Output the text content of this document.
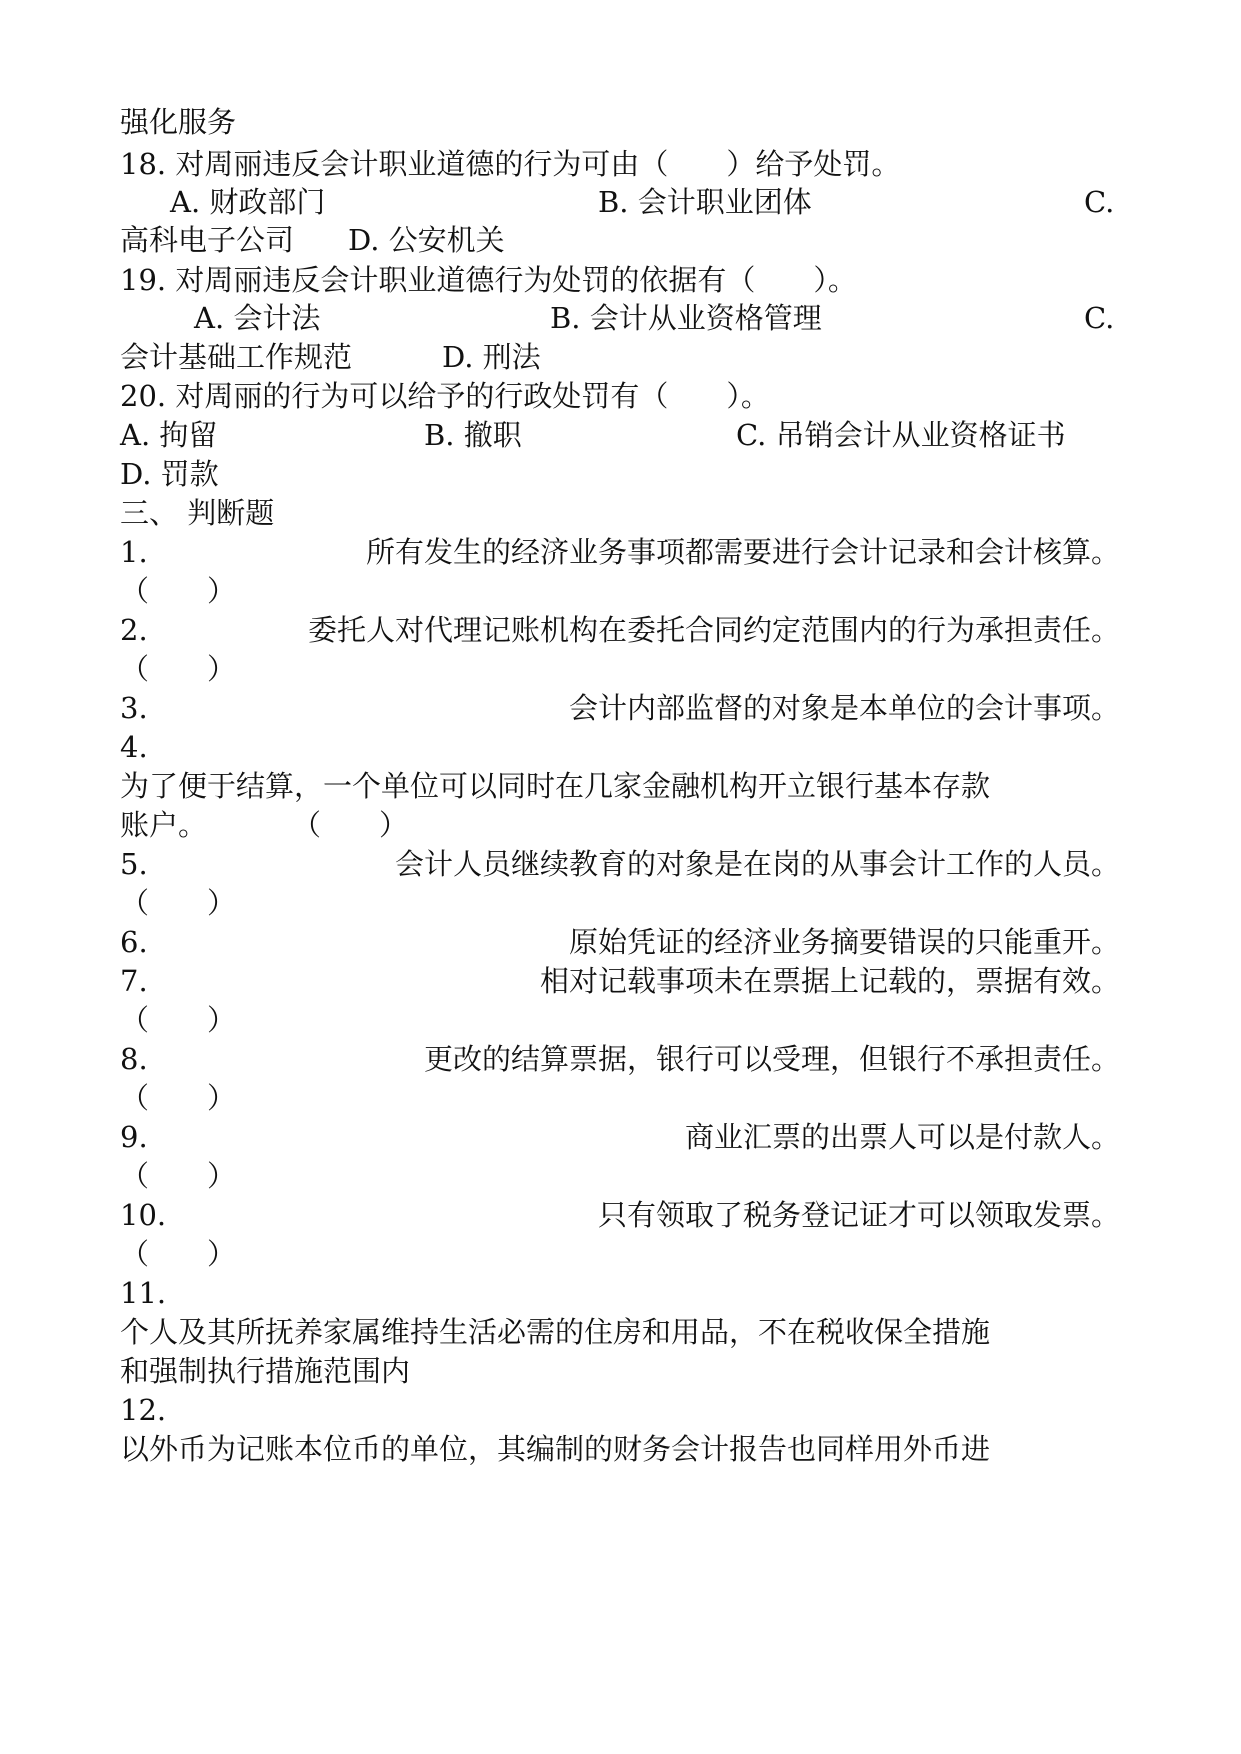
强化服务
18. 对周丽违反会计职业道德的行为可由（　　）给予处罚。
A. 财政部门	B. 会计职业团体	C.
高科电子公司 D. 公安机关
19. 对周丽违反会计职业道德行为处罚的依据有（　　）。
A. 会计法	B. 会计从业资格管理	C.
会计基础工作规范	D. 刑法
20. 对周丽的行为可以给予的行政处罚有（　　）。
A. 拘留	B. 撤职	C. 吊销会计从业资格证书
D. 罚款
三、 判断题
1.	所有发生的经济业务事项都需要进行会计记录和会计核算。
（　　）
2.	委托人对代理记账机构在委托合同约定范围内的行为承担责任。
（　　）
3.	会计内部监督的对象是本单位的会计事项。
4.
为了便于结算，一个单位可以同时在几家金融机构开立银行基本存款
账户。	（　　）
5.	会计人员继续教育的对象是在岗的从事会计工作的人员。
（　　）
6.	原始凭证的经济业务摘要错误的只能重开。
7.	相对记载事项未在票据上记载的，票据有效。
（　　）
8.	更改的结算票据，银行可以受理，但银行不承担责任。
（　　）
9.	商业汇票的出票人可以是付款人。
（　　）
10.	只有领取了税务登记证才可以领取发票。
（　　）
11.
个人及其所抚养家属维持生活必需的住房和用品，不在税收保全措施
和强制执行措施范围内
12.
以外币为记账本位币的单位，其编制的财务会计报告也同样用外币进
